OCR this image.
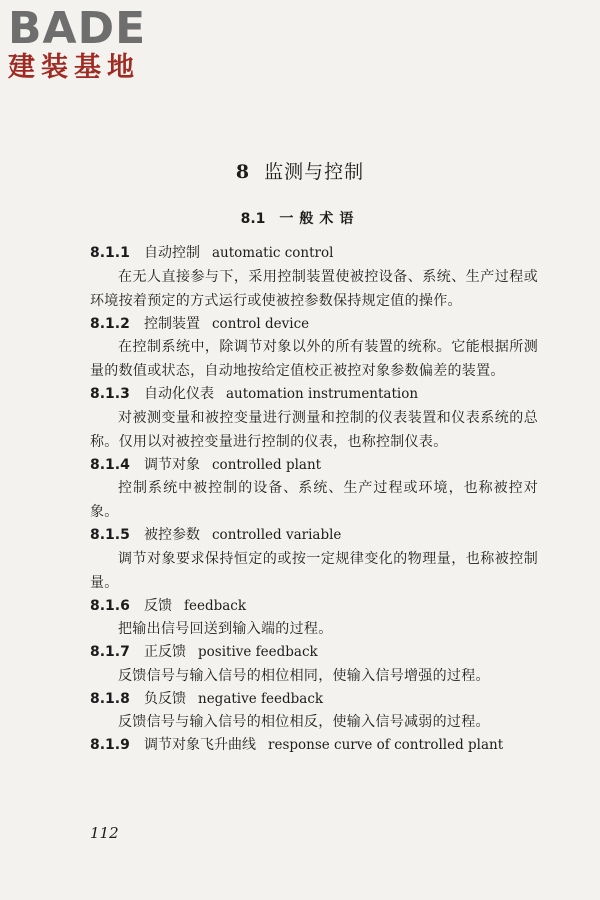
BADE
建装基地
8 监测与控制
8.1 一般术语

8.1.1 自动控制 automatic control

在无人直接参与下，采用控制装置使被控设备、系统、生产过程或环境按着预定的方式运行或使被控参数保持规定值的操作。

8.1.2 控制装置 control device

在控制系统中，除调节对象以外的所有装置的统称。它能根据所测量的数值或状态，自动地按给定值校正被控对象参数偏差的装置。

8.1.3 自动化仪表 automation instrumentation

对被测变量和被控变量进行测量和控制的仪表装置和仪表系统的总称。仅用以对被控变量进行控制的仪表，也称控制仪表。

8.1.4 调节对象 controlled plant

控制系统中被控制的设备、系统、生产过程或环境，也称被控对象。

8.1.5 被控参数 controlled variable

调节对象要求保持恒定的或按一定规律变化的物理量，也称被控制量。

8.1.6 反馈 feedback

把输出信号回送到输入端的过程。

8.1.7 正反馈 positive feedback

反馈信号与输入信号的相位相同，使输入信号增强的过程。

8.1.8 负反馈 negative feedback

反馈信号与输入信号的相位相反，使输入信号减弱的过程。

8.1.9 调节对象飞升曲线 response curve of controlled plant

112
